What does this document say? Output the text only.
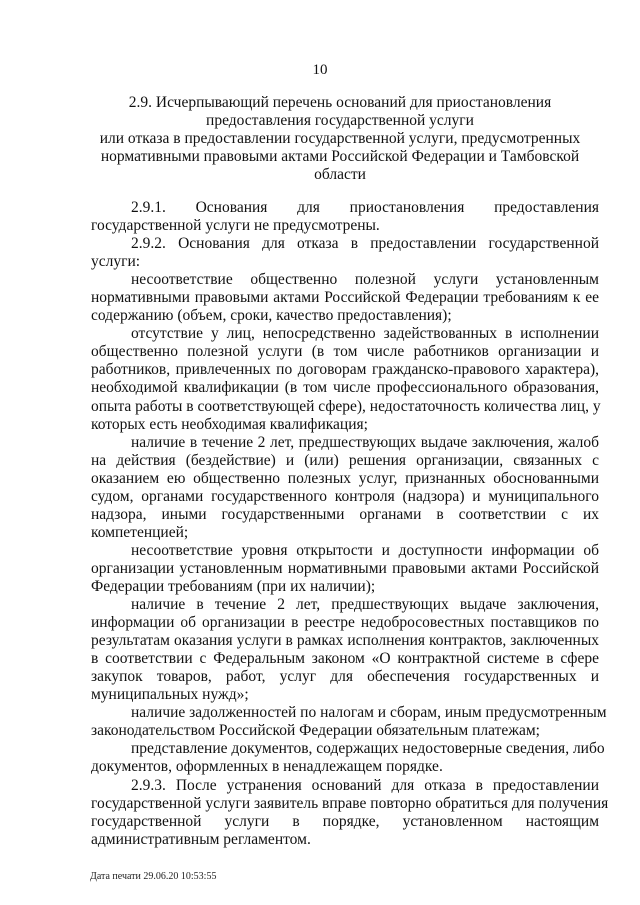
10
2.9. Исчерпывающий перечень оснований для приостановления
предоставления государственной услуги
или отказа в предоставлении государственной услуги, предусмотренных
нормативными правовыми актами Российской Федерации и Тамбовской
области
2.9.1. Основания для приостановления предоставления
государственной услуги не предусмотрены.
2.9.2. Основания для отказа в предоставлении государственной
услуги:
несоответствие общественно полезной услуги установленным
нормативными правовыми актами Российской Федерации требованиям к ее
содержанию (объем, сроки, качество предоставления);
отсутствие у лиц, непосредственно задействованных в исполнении
общественно полезной услуги (в том числе работников организации и
работников, привлеченных по договорам гражданско-правового характера),
необходимой квалификации (в том числе профессионального образования,
опыта работы в соответствующей сфере), недостаточность количества лиц, у
которых есть необходимая квалификация;
наличие в течение 2 лет, предшествующих выдаче заключения, жалоб
на действия (бездействие) и (или) решения организации, связанных с
оказанием ею общественно полезных услуг, признанных обоснованными
судом, органами государственного контроля (надзора) и муниципального
надзора, иными государственными органами в соответствии с их
компетенцией;
несоответствие уровня открытости и доступности информации об
организации установленным нормативными правовыми актами Российской
Федерации требованиям (при их наличии);
наличие в течение 2 лет, предшествующих выдаче заключения,
информации об организации в реестре недобросовестных поставщиков по
результатам оказания услуги в рамках исполнения контрактов, заключенных
в соответствии с Федеральным законом «О контрактной системе в сфере
закупок товаров, работ, услуг для обеспечения государственных и
муниципальных нужд»;
наличие задолженностей по налогам и сборам, иным предусмотренным
законодательством Российской Федерации обязательным платежам;
представление документов, содержащих недостоверные сведения, либо
документов, оформленных в ненадлежащем порядке.
2.9.3. После устранения оснований для отказа в предоставлении
государственной услуги заявитель вправе повторно обратиться для получения
государственной услуги в порядке, установленном настоящим
административным регламентом.
Дата печати 29.06.20 10:53:55
